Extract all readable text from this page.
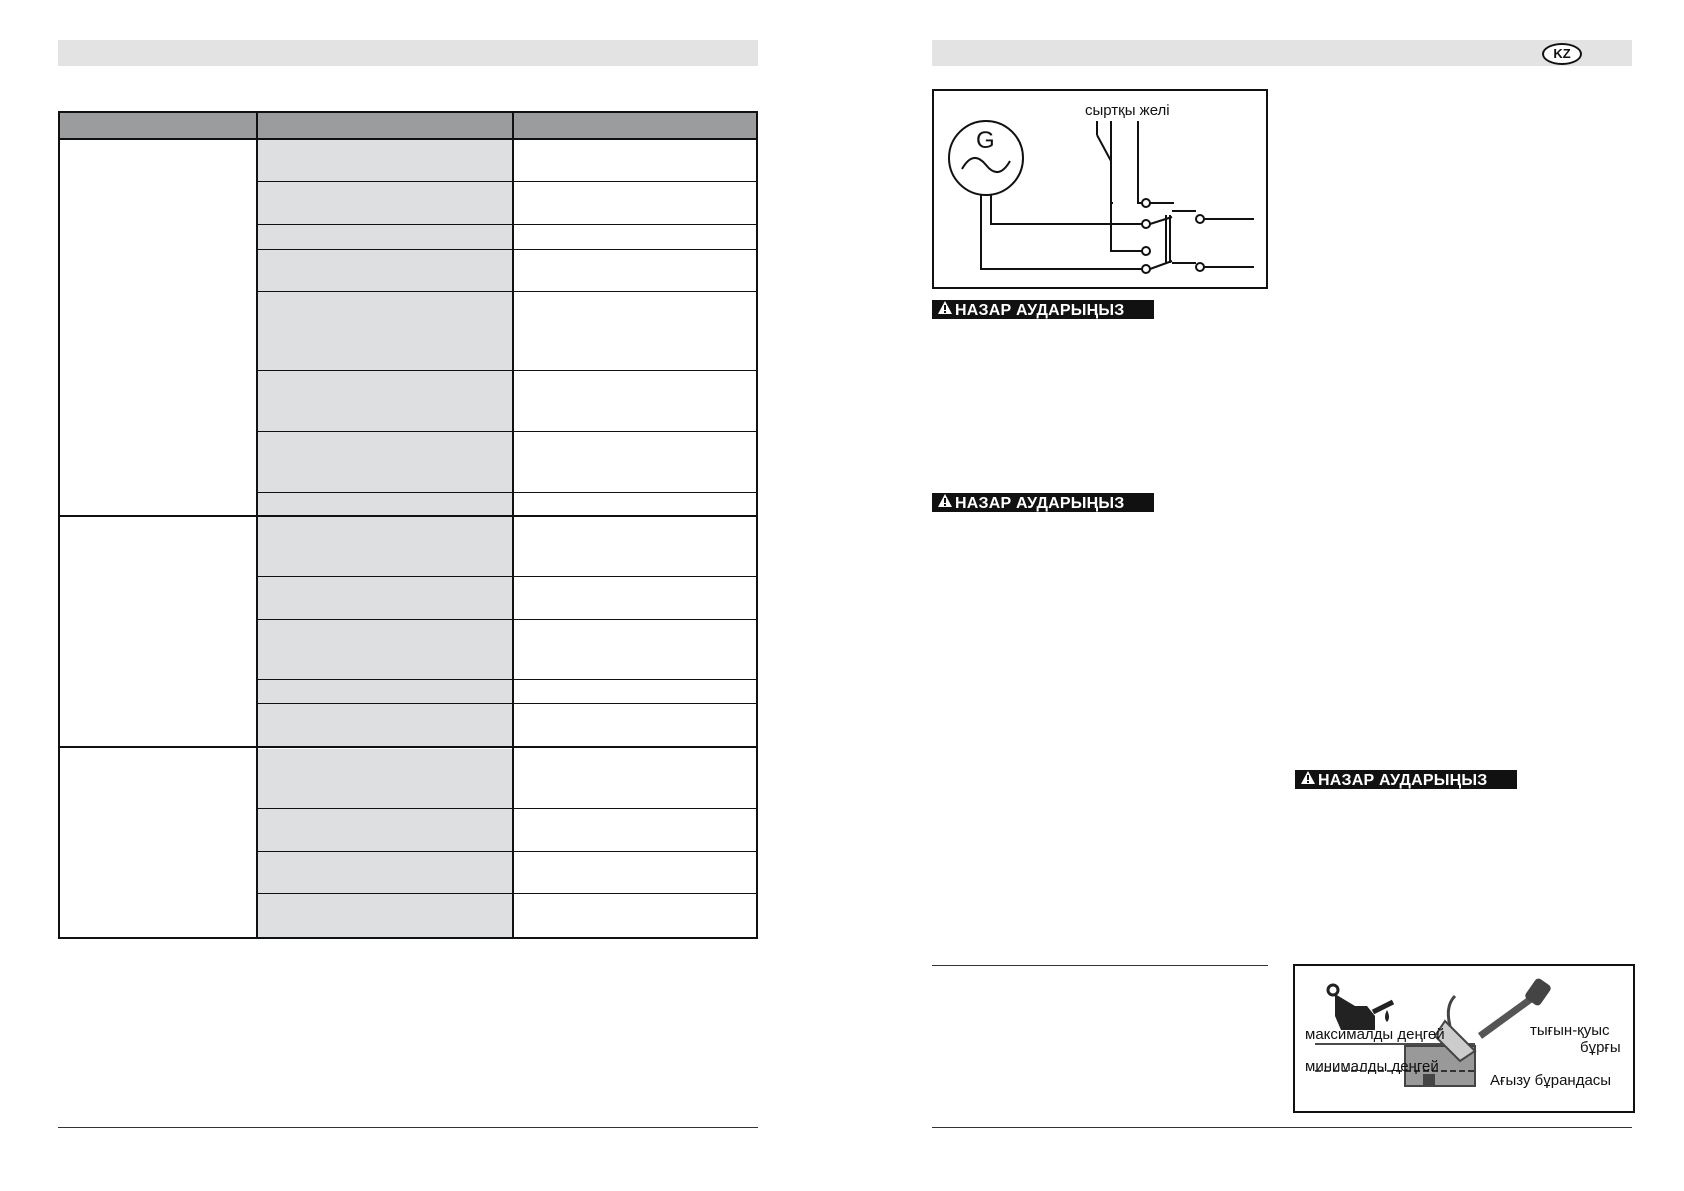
KZ
G
сыртқы желі
НАЗАР АУДАРЫҢЫЗ
НАЗАР АУДАРЫҢЫЗ
НАЗАР АУДАРЫҢЫЗ
максималды деңгей
минималды деңгей
тығын-қуыс
бұрғы
Ағызу бұрандасы
